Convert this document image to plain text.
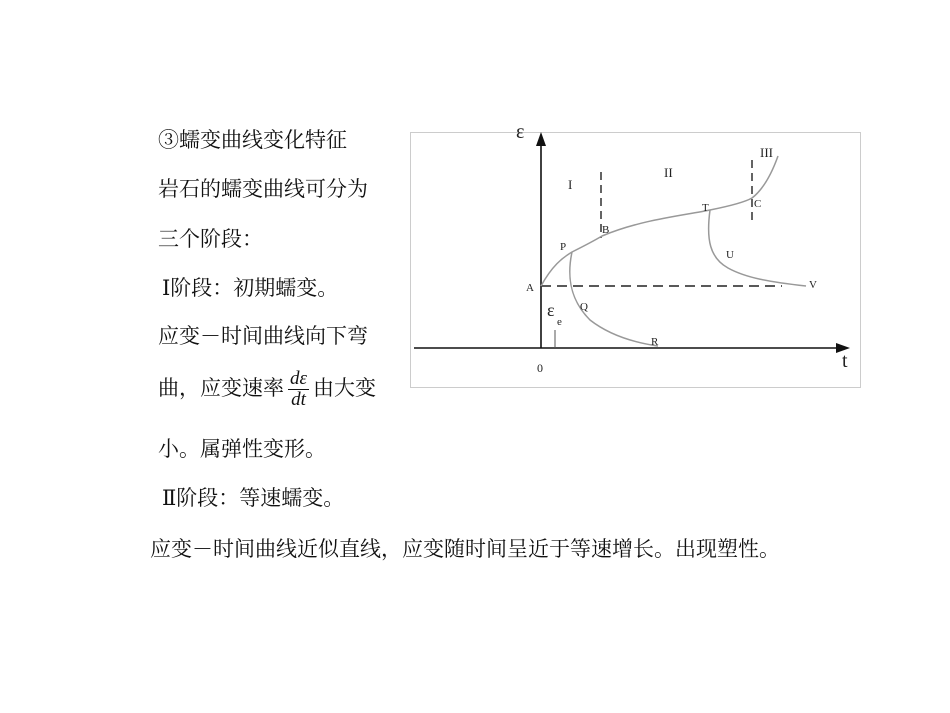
③蠕变曲线变化特征
岩石的蠕变曲线可分为
三个阶段：
Ⅰ阶段：初期蠕变。
应变－时间曲线向下弯
曲，应变速率 $\frac{d\varepsilon}{dt}$ 由大变
小。属弹性变形。
Ⅱ阶段：等速蠕变。
应变－时间曲线近似直线，应变随时间呈近于等速增长。出现塑性。
ε
t
0
I
II
III
A
P
B
T	C
U
V
Q
R
ε
e
